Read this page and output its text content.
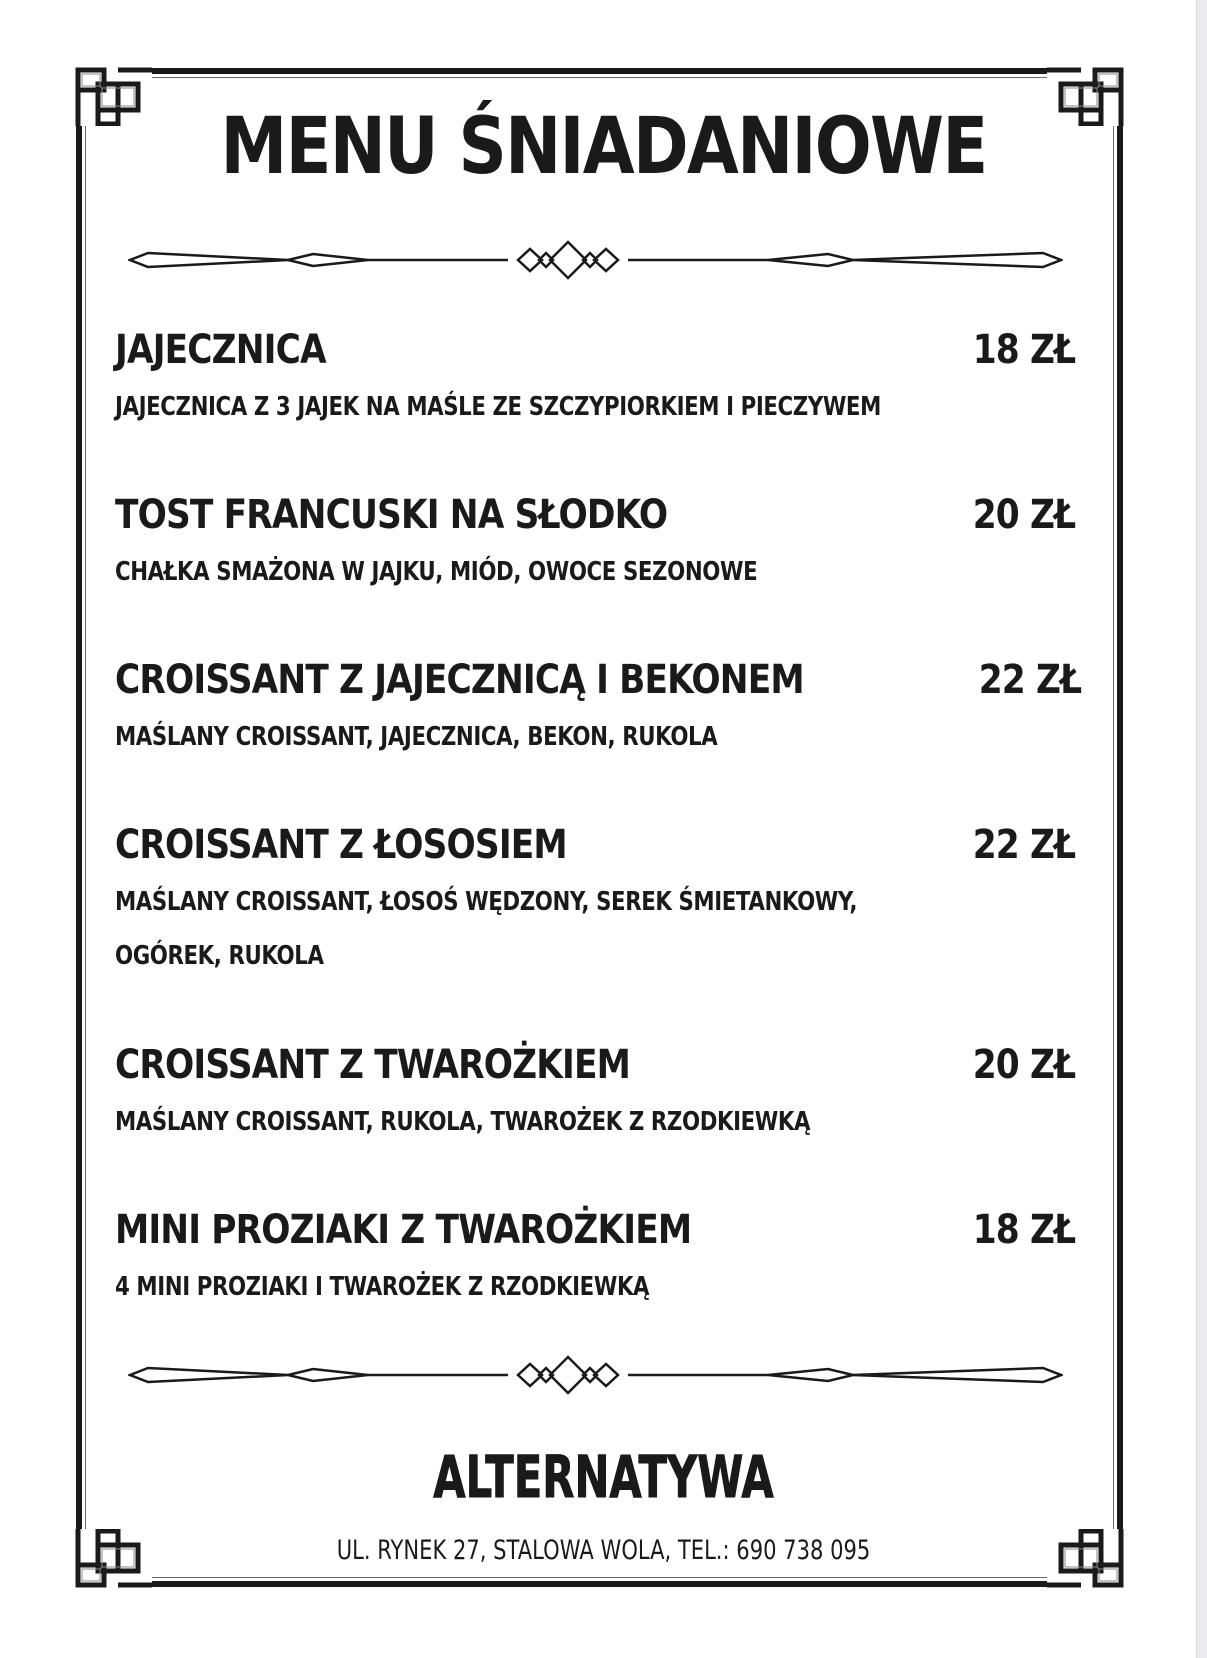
MENU ŚNIADANIOWE
JAJECZNICA	18 ZŁ
JAJECZNICA Z 3 JAJEK NA MAŚLE ZE SZCZYPIORKIEM I PIECZYWEM
TOST FRANCUSKI NA SŁODKO	20 ZŁ
CHAŁKA SMAŻONA W JAJKU, MIÓD, OWOCE SEZONOWE
CROISSANT Z JAJECZNICĄ I BEKONEM	22 ZŁ
MAŚLANY CROISSANT, JAJECZNICA, BEKON, RUKOLA
CROISSANT Z ŁOSOSIEM	22 ZŁ
MAŚLANY CROISSANT, ŁOSOŚ WĘDZONY, SEREK ŚMIETANKOWY,
OGÓREK, RUKOLA
CROISSANT Z TWAROŻKIEM	20 ZŁ
MAŚLANY CROISSANT, RUKOLA, TWAROŻEK Z RZODKIEWKĄ
MINI PROZIAKI Z TWAROŻKIEM	18 ZŁ
4 MINI PROZIAKI I TWAROŻEK Z RZODKIEWKĄ
ALTERNATYWA
UL. RYNEK 27, STALOWA WOLA, TEL.: 690 738 095
